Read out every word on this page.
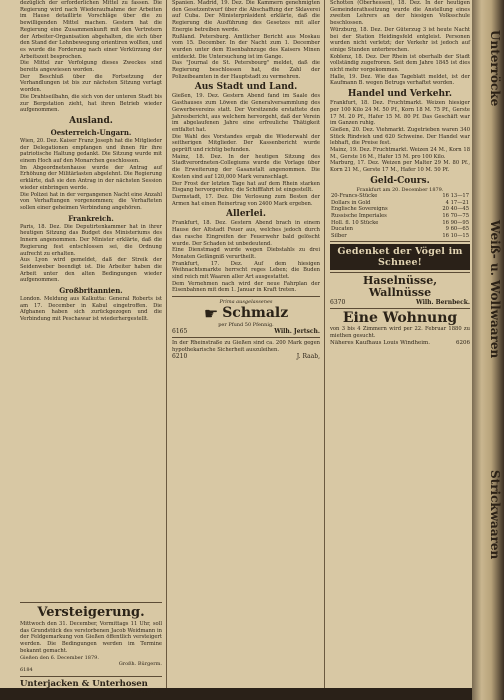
dezüglich der erforderlichen Mittel zu fassen. Die Regierung wird nach Wiederaufnahme der Arbeiten im Hause detaillirte Vorschläge über die zu bewilligenden Mittel machen. Gestern hat die Regierung eine Zusammenkunft mit den Vertretern der Arbeiter-Organisation abgehalten, die sich über den Stand der Lohnbewegung orientiren wollten, und es wurde die Forderung nach einer Verkürzung der Arbeitszeit besprochen.

Die Mittel zur Verfolgung dieses Zweckes sind bereits angewiesen worden.

Der Beschluß über die Fortsetzung der Verhandlungen ist bis zur nächsten Sitzung vertagt worden.

Die Drahtseilbahn, die sich von der unteren Stadt bis zur Bergstation zieht, hat ihren Betrieb wieder aufgenommen.

Ausland.
Oesterreich-Ungarn.

Wien, 20. Dez. Kaiser Franz Joseph hat die Mitglieder der Delegationen empfangen und ihnen für ihre patriotische Haltung gedankt. Die Sitzung wurde mit einem Hoch auf den Monarchen geschlossen.

Im Abgeordnetenhause wurde der Antrag auf Erhöhung der Militärlasten abgelehnt. Die Regierung erklärte, daß sie den Antrag in der nächsten Session wieder einbringen werde.

Die Polizei hat in der vergangenen Nacht eine Anzahl von Verhaftungen vorgenommen; die Verhafteten sollen einer geheimen Verbindung angehören.

Frankreich.

Paris, 18. Dez. Die Deputirtenkammer hat in ihrer heutigen Sitzung das Budget des Ministeriums des Innern angenommen. Der Minister erklärte, daß die Regierung fest entschlossen sei, die Ordnung aufrecht zu erhalten.

Aus Lyon wird gemeldet, daß der Streik der Seidenweber beendigt ist. Die Arbeiter haben die Arbeit unter den alten Bedingungen wieder aufgenommen.

Großbritannien.

London. Meldung aus Kalkutta: General Roberts ist am 17. December in Kabul eingetroffen. Die Afghanen haben sich zurückgezogen und die Verbindung mit Peschawar ist wiederhergestellt.

Versteigerung.

Mittwoch den 31. December, Vormittags 11 Uhr, soll das Grundstück des verstorbenen Jacob Weidmann in der Feldgemarkung von Gießen öffentlich versteigert werden. Die Bedingungen werden im Termine bekannt gemacht.

Gießen den 6. December 1879.
Großh. Bürgerm.
6184
Unterjacken & Unterhosen
H. Friedrich.

Spanien. Madrid, 19. Dez. Die Kammern genehmigten den Gesetzentwurf über die Abschaffung der Sklaverei auf Cuba. Der Ministerpräsident erklärte, daß die Regierung die Ausführung des Gesetzes mit aller Energie betreiben werde.

Rußland. Petersburg. Amtlicher Bericht aus Moskau vom 15. December. In der Nacht zum 1. December wurden unter dem Eisenbahnzuge des Kaisers Minen entdeckt. Die Untersuchung ist im Gange.

Das "Journal de St. Petersbourg" meldet, daß die Regierung beschlossen hat, die Zahl der Polizeibeamten in der Hauptstadt zu vermehren.

Aus Stadt und Land.

Gießen, 19. Dez. Gestern Abend fand im Saale des Gasthauses zum Löwen die Generalversammlung des Gewerbevereins statt. Der Vorsitzende erstattete den Jahresbericht, aus welchem hervorgeht, daß der Verein im abgelaufenen Jahre eine erfreuliche Thätigkeit entfaltet hat.

Die Wahl des Vorstandes ergab die Wiederwahl der seitherigen Mitglieder. Der Kassenbericht wurde geprüft und richtig befunden.

Mainz, 18. Dez. In der heutigen Sitzung des Stadtverordneten-Collegiums wurde die Vorlage über die Erweiterung der Gasanstalt angenommen. Die Kosten sind auf 120,000 Mark veranschlagt.

Der Frost der letzten Tage hat auf dem Rhein starken Eisgang hervorgerufen; die Schifffahrt ist eingestellt.

Darmstadt, 17. Dez. Die Verlosung zum Besten der Armen hat einen Reinertrag von 2400 Mark ergeben.

Allerlei.

Frankfurt, 18. Dez. Gestern Abend brach in einem Hause der Altstadt Feuer aus, welches jedoch durch das rasche Eingreifen der Feuerwehr bald gelöscht wurde. Der Schaden ist unbedeutend.

Eine Dienstmagd wurde wegen Diebstahls zu drei Monaten Gefängniß verurtheilt.

Frankfurt, 17. Dez. Auf dem hiesigen Weihnachtsmarkte herrscht reges Leben; die Buden sind reich mit Waaren aller Art ausgestattet.

Dem Vernehmen nach wird der neue Fahrplan der Eisenbahnen mit dem 1. Januar in Kraft treten.

Prima ausgelassenes
☛ Schmalz
per Pfund 50 Pfennig.
6165	Wilh. Jertsch.

In der Rheinstraße zu Gießen sind ca. 200 Mark gegen hypothekarische Sicherheit auszuleihen.

6210	J. Raab,

Schotten (Oberhessen), 18. Dez. In der heutigen Gemeinderathssitzung wurde die Anstellung eines zweiten Lehrers an der hiesigen Volksschule beschlossen.

Würzburg, 18. Dez. Der Güterzug 3 ist heute Nacht bei der Station Heidingsfeld entgleist. Personen wurden nicht verletzt; der Verkehr ist jedoch auf einige Stunden unterbrochen.

Koblenz, 18. Dez. Der Rhein ist oberhalb der Stadt vollständig zugefroren. Seit dem Jahre 1845 ist dies nicht mehr vorgekommen.

Halle, 19. Dez. Wie das Tageblatt meldet, ist der Kaufmann B. wegen Betrugs verhaftet worden.

Handel und Verkehr.

Frankfurt, 18. Dez. Fruchtmarkt. Weizen hiesiger per 100 Kilo 24 M. 50 Pf., Korn 18 M. 75 Pf., Gerste 17 M. 20 Pf., Hafer 15 M. 80 Pf. Das Geschäft war im Ganzen ruhig.

Gießen, 20. Dez. Viehmarkt. Zugetrieben waren 340 Stück Rindvieh und 620 Schweine. Der Handel war lebhaft, die Preise fest.

Mainz, 19. Dez. Fruchtmarkt. Weizen 24 M., Korn 18 M., Gerste 16 M., Hafer 15 M. pro 100 Kilo.

Marburg, 17. Dez. Weizen per Malter 29 M. 80 Pf., Korn 21 M., Gerste 17 M., Hafer 10 M. 50 Pf.

Geld-Cours.
Frankfurt am 20. December 1879.
20-Francs-Stücke	16 13—17
Dollars in Gold	4 17—21
Englische Sovereigns	20 40—45
Russische Imperiales	16 70—75
Holl. fl. 10 Stücke	16 90—95
Ducaten	9 60—65
Silber	16 10—15
Gedenket der Vögel im Schnee!
Haselnüsse, Wallnüsse
6370	Wilh. Bernbeck.
Eine Wohnung

von 3 bis 4 Zimmern wird per 22. Februar 1880 zu miethen gesucht.

Näheres Kaufhaus Louis Windheim.	6206
Unterröcke
Weiß- u. Wollwaaren
Strickwaaren
